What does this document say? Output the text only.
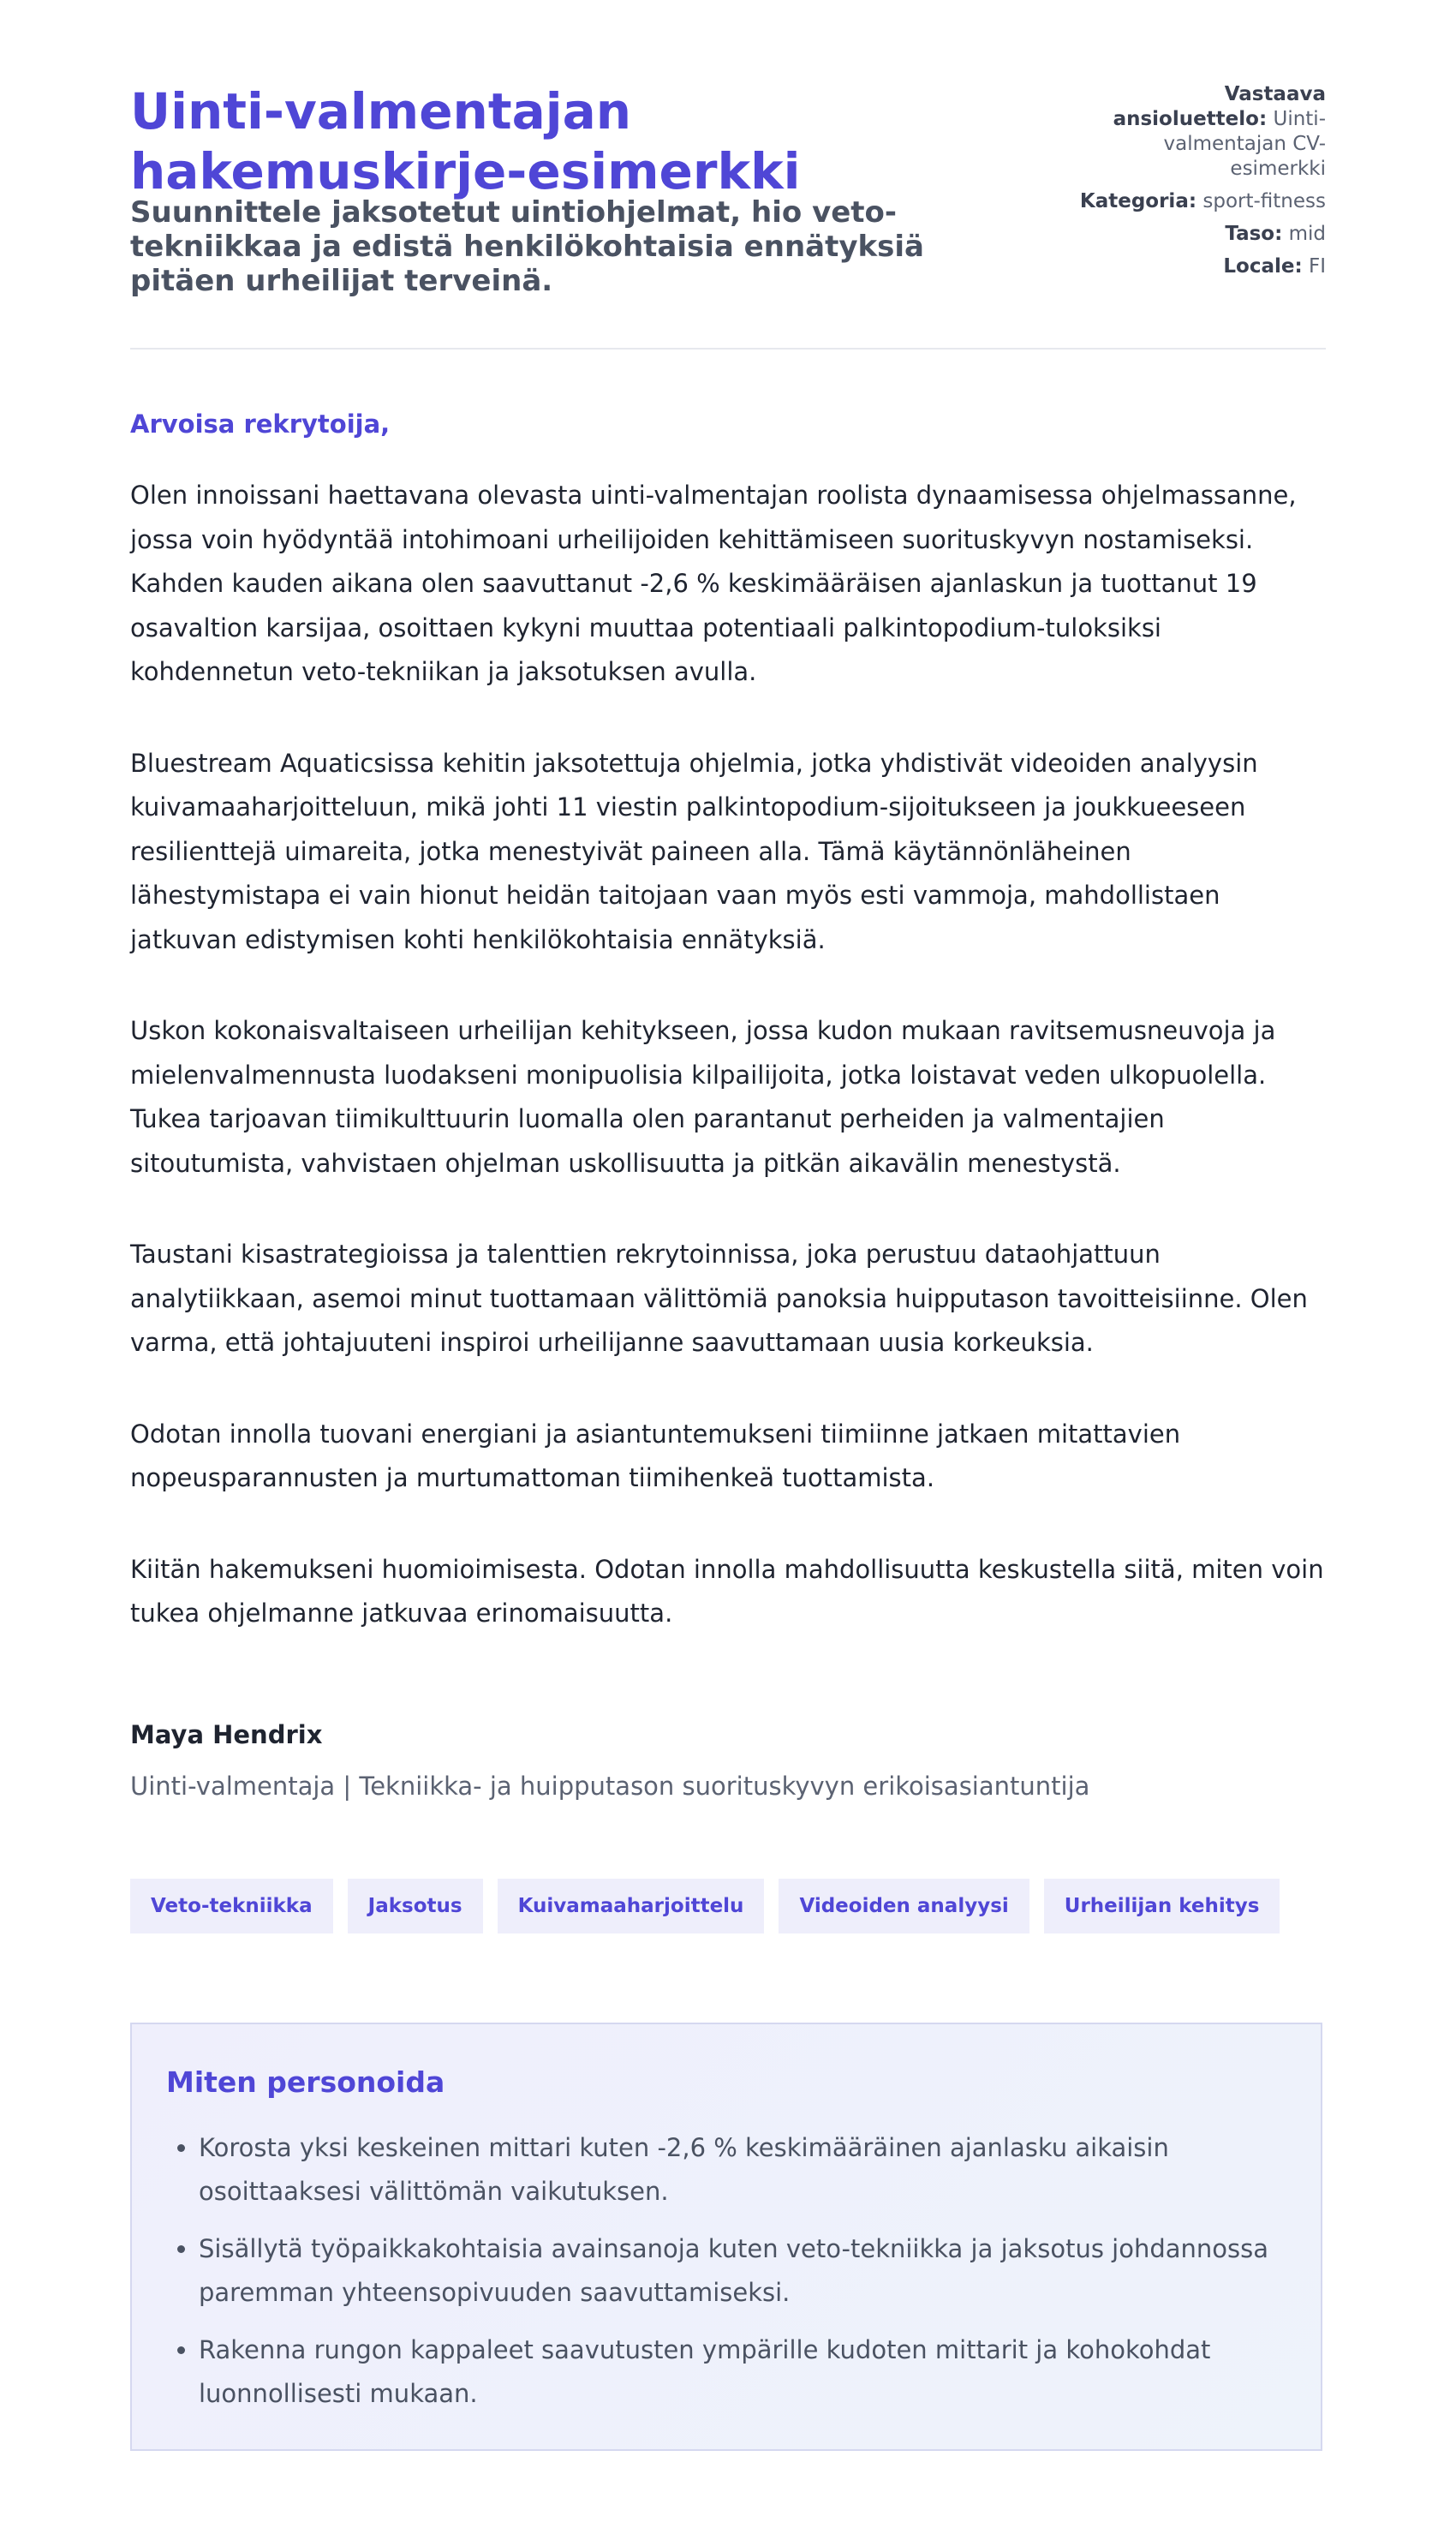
Uinti-valmentajan hakemuskirje-esimerkki
Suunnittele jaksotetut uintiohjelmat, hio veto-tekniikkaa ja edistä henkilökohtaisia ennätyksiä pitäen urheilijat terveinä.
Vastaava ansioluettelo: Uinti-valmentajan CV-esimerkki
Kategoria: sport-fitness
Taso: mid
Locale: FI
Arvoisa rekrytoija,

Olen innoissani haettavana olevasta uinti-valmentajan roolista dynaamisessa ohjelmassanne, jossa voin hyödyntää intohimoani urheilijoiden kehittämiseen suorituskyvyn nostamiseksi. Kahden kauden aikana olen saavuttanut -2,6 % keskimääräisen ajanlaskun ja tuottanut 19 osavaltion karsijaa, osoittaen kykyni muuttaa potentiaali palkintopodium-tuloksiksi kohdennetun veto-tekniikan ja jaksotuksen avulla.

Bluestream Aquaticsissa kehitin jaksotettuja ohjelmia, jotka yhdistivät videoiden analyysin kuivamaaharjoitteluun, mikä johti 11 viestin palkintopodium-sijoitukseen ja joukkueeseen resilienttejä uimareita, jotka menestyivät paineen alla. Tämä käytännönläheinen lähestymistapa ei vain hionut heidän taitojaan vaan myös esti vammoja, mahdollistaen jatkuvan edistymisen kohti henkilökohtaisia ennätyksiä.

Uskon kokonaisvaltaiseen urheilijan kehitykseen, jossa kudon mukaan ravitsemusneuvoja ja mielenvalmennusta luodakseni monipuolisia kilpailijoita, jotka loistavat veden ulkopuolella. Tukea tarjoavan tiimikulttuurin luomalla olen parantanut perheiden ja valmentajien sitoutumista, vahvistaen ohjelman uskollisuutta ja pitkän aikavälin menestystä.

Taustani kisastrategioissa ja talenttien rekrytoinnissa, joka perustuu dataohjattuun analytiikkaan, asemoi minut tuottamaan välittömiä panoksia huipputason tavoitteisiinne. Olen varma, että johtajuuteni inspiroi urheilijanne saavuttamaan uusia korkeuksia.

Odotan innolla tuovani energiani ja asiantuntemukseni tiimiinne jatkaen mitattavien nopeusparannusten ja murtumattoman tiimihenkeä tuottamista.

Kiitän hakemukseni huomioimisesta. Odotan innolla mahdollisuutta keskustella siitä, miten voin tukea ohjelmanne jatkuvaa erinomaisuutta.

Maya Hendrix
Uinti-valmentaja | Tekniikka- ja huipputason suorituskyvyn erikoisasiantuntija
Veto-tekniikka	Jaksotus	Kuivamaaharjoittelu	Videoiden analyysi	Urheilijan kehitys
Miten personoida
• Korosta yksi keskeinen mittari kuten -2,6 % keskimääräinen ajanlasku aikaisin osoittaaksesi välittömän vaikutuksen.
• Sisällytä työpaikkakohtaisia avainsanoja kuten veto-tekniikka ja jaksotus johdannossa paremman yhteensopivuuden saavuttamiseksi.
• Rakenna rungon kappaleet saavutusten ympärille kudoten mittarit ja kohokohdat luonnollisesti mukaan.
